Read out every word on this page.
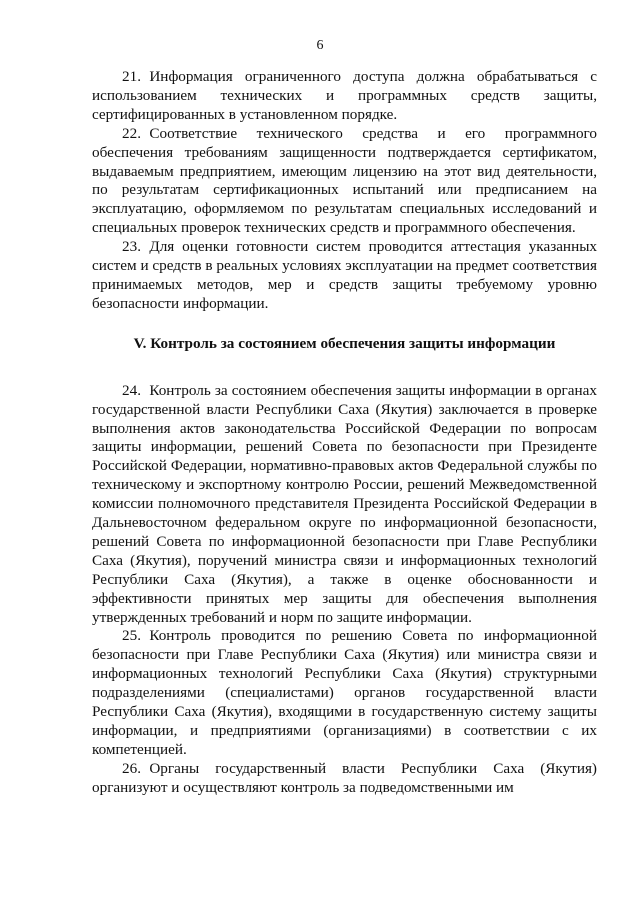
6

21. Информация ограниченного доступа должна обрабатываться с использованием технических и программных средств защиты, сертифицированных в установленном порядке.

22. Соответствие технического средства и его программного обеспечения требованиям защищенности подтверждается сертификатом, выдаваемым предприятием, имеющим лицензию на этот вид деятельности, по результатам сертификационных испытаний или предписанием на эксплуатацию, оформляемом по результатам специальных исследований и специальных проверок технических средств и программного обеспечения.

23. Для оценки готовности систем проводится аттестация указанных систем и средств в реальных условиях эксплуатации на предмет соответствия принимаемых методов, мер и средств защиты требуемому уровню безопасности информации.

V. Контроль за состоянием обеспечения защиты информации

24. Контроль за состоянием обеспечения защиты информации в органах государственной власти Республики Саха (Якутия) заключается в проверке выполнения актов законодательства Российской Федерации по вопросам защиты информации, решений Совета по безопасности при Президенте Российской Федерации, нормативно-правовых актов Федеральной службы по техническому и экспортному контролю России, решений Межведомственной комиссии полномочного представителя Президента Российской Федерации в Дальневосточном федеральном округе по информационной безопасности, решений Совета по информационной безопасности при Главе Республики Саха (Якутия), поручений министра связи и информационных технологий Республики Саха (Якутия), а также в оценке обоснованности и эффективности принятых мер защиты для обеспечения выполнения утвержденных требований и норм по защите информации.

25. Контроль проводится по решению Совета по информационной безопасности при Главе Республики Саха (Якутия) или министра связи и информационных технологий Республики Саха (Якутия) структурными подразделениями (специалистами) органов государственной власти Республики Саха (Якутия), входящими в государственную систему защиты информации, и предприятиями (организациями) в соответствии с их компетенцией.

26. Органы государственный власти Республики Саха (Якутия) организуют и осуществляют контроль за подведомственными им
